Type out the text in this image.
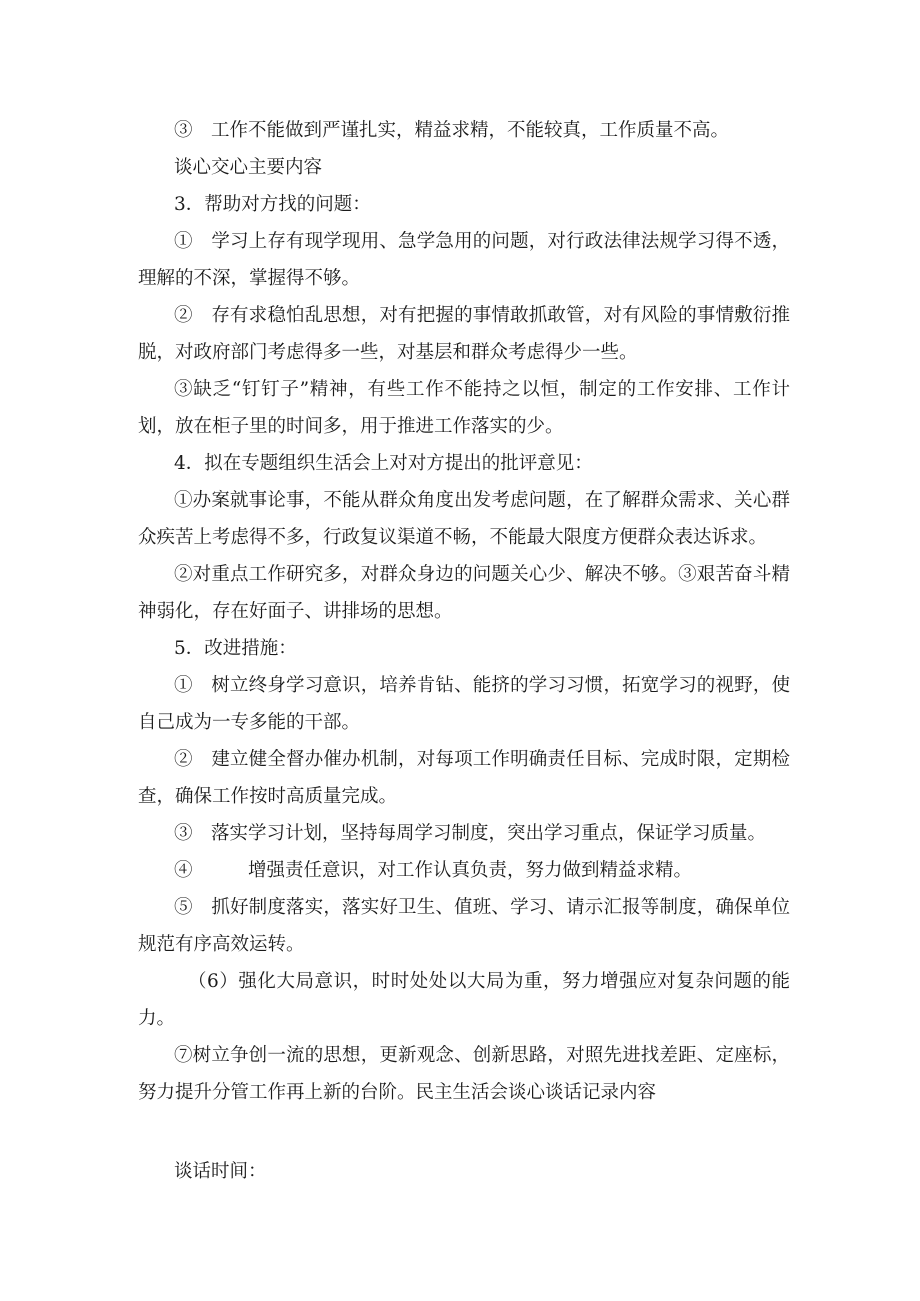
③　工作不能做到严谨扎实，精益求精，不能较真，工作质量不高。

谈心交心主要内容

3．帮助对方找的问题：

①　学习上存有现学现用、急学急用的问题，对行政法律法规学习得不透，理解的不深，掌握得不够。

②　存有求稳怕乱思想，对有把握的事情敢抓敢管，对有风险的事情敷衍推脱，对政府部门考虑得多一些，对基层和群众考虑得少一些。

③缺乏“钉钉子”精神，有些工作不能持之以恒，制定的工作安排、工作计划，放在柜子里的时间多，用于推进工作落实的少。

4．拟在专题组织生活会上对对方提出的批评意见：

①办案就事论事，不能从群众角度出发考虑问题，在了解群众需求、关心群众疾苦上考虑得不多，行政复议渠道不畅，不能最大限度方便群众表达诉求。

②对重点工作研究多，对群众身边的问题关心少、解决不够。③艰苦奋斗精神弱化，存在好面子、讲排场的思想。

5．改进措施：

①　树立终身学习意识，培养肯钻、能挤的学习习惯，拓宽学习的视野，使自己成为一专多能的干部。

②　建立健全督办催办机制，对每项工作明确责任目标、完成时限，定期检查，确保工作按时高质量完成。

③　落实学习计划，坚持每周学习制度，突出学习重点，保证学习质量。

④　　　增强责任意识，对工作认真负责，努力做到精益求精。

⑤　抓好制度落实，落实好卫生、值班、学习、请示汇报等制度，确保单位规范有序高效运转。

（6）强化大局意识，时时处处以大局为重，努力增强应对复杂问题的能力。

⑦树立争创一流的思想，更新观念、创新思路，对照先进找差距、定座标，努力提升分管工作再上新的台阶。民主生活会谈心谈话记录内容

谈话时间：
